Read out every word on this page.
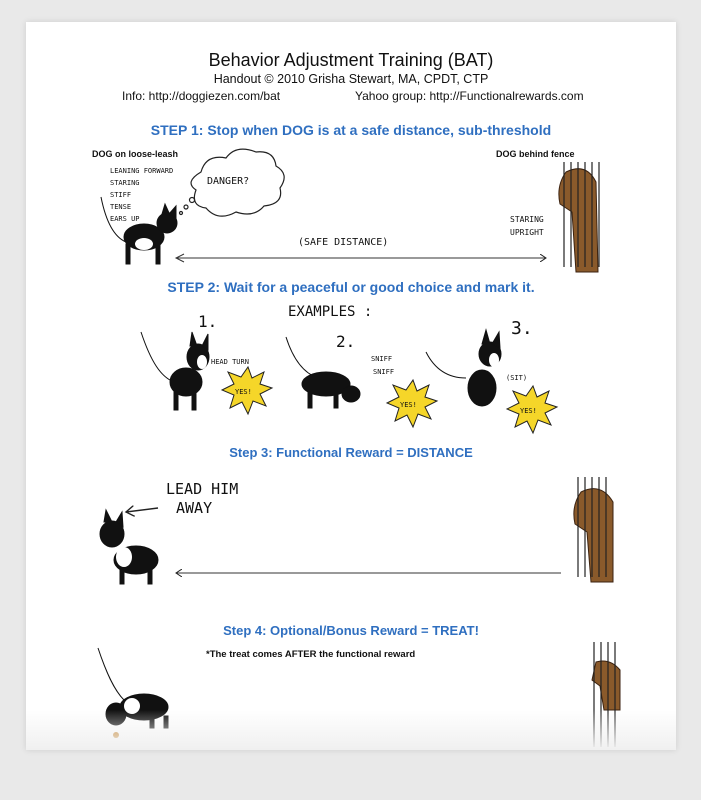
Behavior Adjustment Training (BAT)
Handout © 2010 Grisha Stewart, MA, CPDT, CTP
Info: http://doggiezen.com/bat	Yahoo group: http://Functionalrewards.com
STEP 1: Stop when DOG is at a safe distance, sub-threshold
DOG on loose-leash	DOG behind fence
LEANING FORWARD
STARING
STIFF
TENSE
EARS UP
DANGER?
(SAFE DISTANCE)
STARING
UPRIGHT
STEP 2: Wait for a peaceful or good choice and mark it.
EXAMPLES :
1.
2.
3.
HEAD TURN	SNIFF
SNIFF
(SIT)
Step 3: Functional Reward = DISTANCE
LEAD HIM
AWAY
Step 4: Optional/Bonus Reward = TREAT!
*The treat comes AFTER the functional reward
YES!
YES!
YES!
